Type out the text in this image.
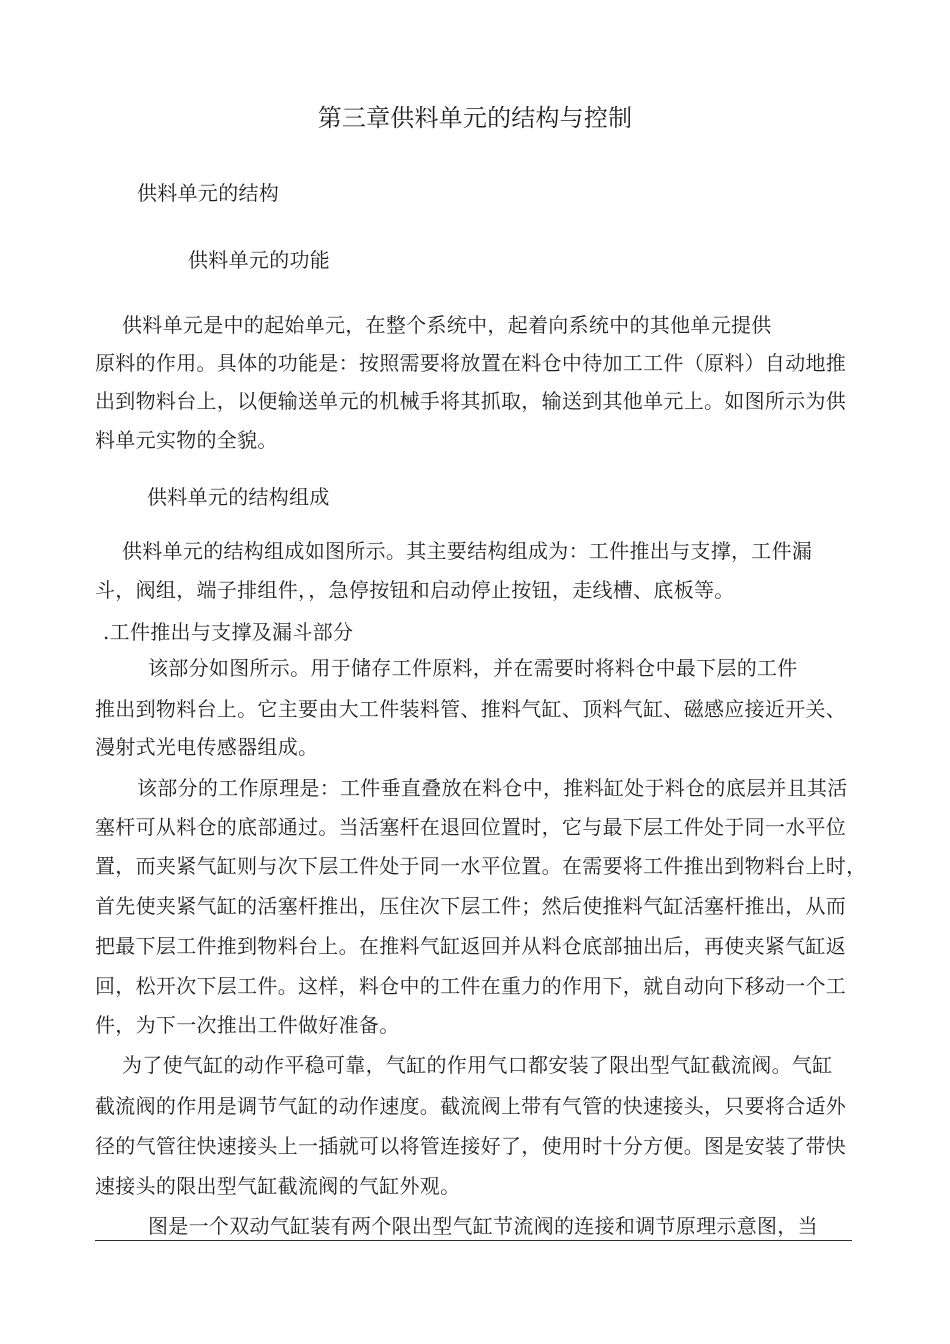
第三章供料单元的结构与控制
供料单元的结构
供料单元的功能
供料单元是中的起始单元，在整个系统中，起着向系统中的其他单元提供
原料的作用。具体的功能是：按照需要将放置在料仓中待加工工件（原料）自动地推
出到物料台上，以便输送单元的机械手将其抓取，输送到其他单元上。如图所示为供
料单元实物的全貌。
供料单元的结构组成
供料单元的结构组成如图所示。其主要结构组成为：工件推出与支撑，工件漏
斗，阀组，端子排组件，，急停按钮和启动停止按钮，走线槽、底板等。
.工件推出与支撑及漏斗部分
该部分如图所示。用于储存工件原料，并在需要时将料仓中最下层的工件
推出到物料台上。它主要由大工件装料管、推料气缸、顶料气缸、磁感应接近开关、
漫射式光电传感器组成。
该部分的工作原理是：工件垂直叠放在料仓中，推料缸处于料仓的底层并且其活
塞杆可从料仓的底部通过。当活塞杆在退回位置时，它与最下层工件处于同一水平位
置，而夹紧气缸则与次下层工件处于同一水平位置。在需要将工件推出到物料台上时，
首先使夹紧气缸的活塞杆推出，压住次下层工件；然后使推料气缸活塞杆推出，从而
把最下层工件推到物料台上。在推料气缸返回并从料仓底部抽出后，再使夹紧气缸返
回，松开次下层工件。这样，料仓中的工件在重力的作用下，就自动向下移动一个工
件，为下一次推出工件做好准备。
为了使气缸的动作平稳可靠，气缸的作用气口都安装了限出型气缸截流阀。气缸
截流阀的作用是调节气缸的动作速度。截流阀上带有气管的快速接头，只要将合适外
径的气管往快速接头上一插就可以将管连接好了，使用时十分方便。图是安装了带快
速接头的限出型气缸截流阀的气缸外观。
图是一个双动气缸装有两个限出型气缸节流阀的连接和调节原理示意图，当
